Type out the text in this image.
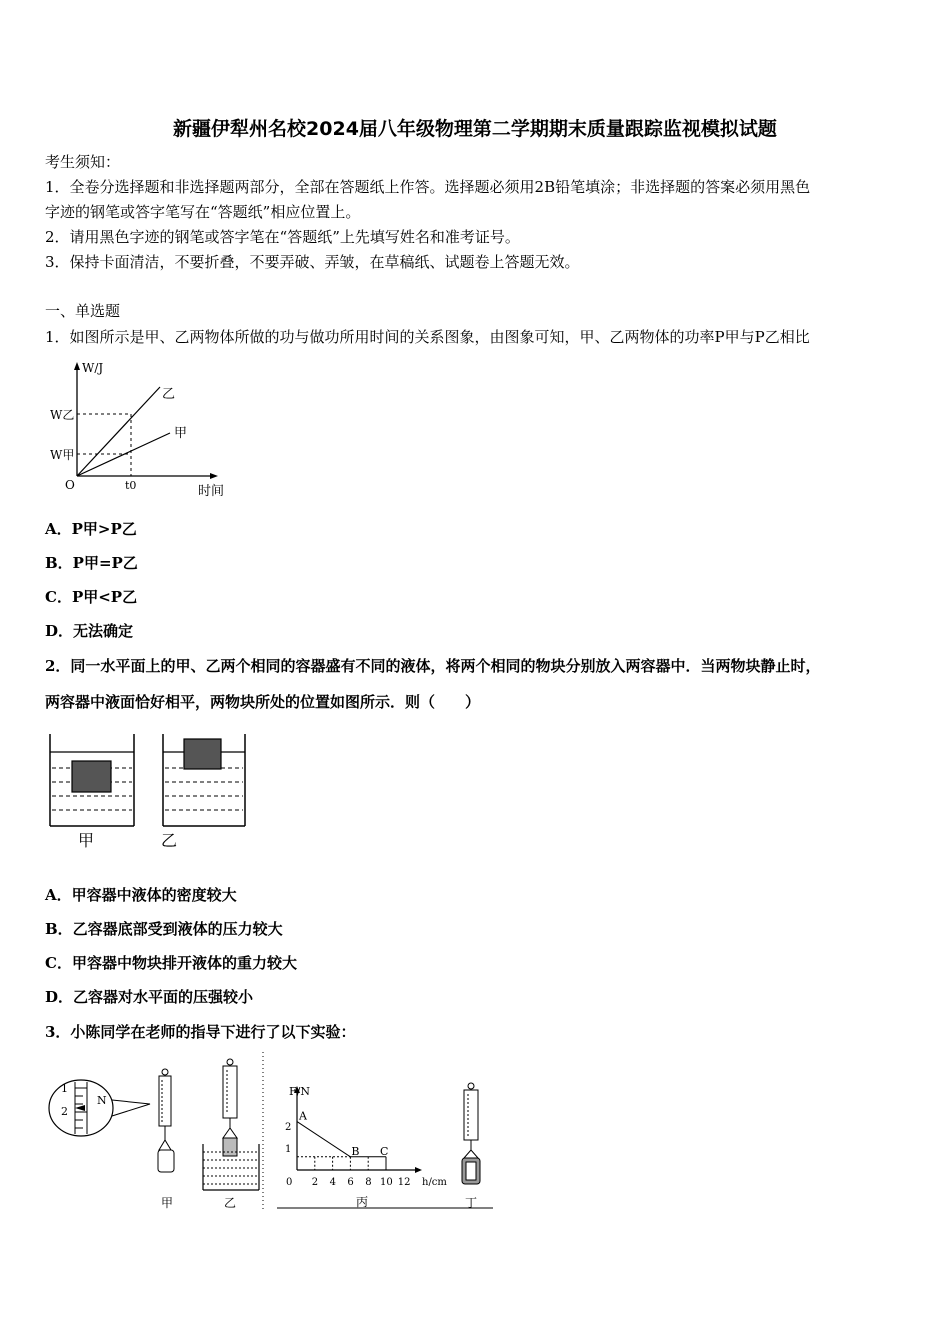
新疆伊犁州名校2024届八年级物理第二学期期末质量跟踪监视模拟试题
考生须知：
1．全卷分选择题和非选择题两部分，全部在答题纸上作答。选择题必须用2B铅笔填涂；非选择题的答案必须用黑色
字迹的钢笔或答字笔写在“答题纸”相应位置上。
2．请用黑色字迹的钢笔或答字笔在“答题纸”上先填写姓名和准考证号。
3．保持卡面清洁，不要折叠，不要弄破、弄皱，在草稿纸、试题卷上答题无效。
一、单选题
1．如图所示是甲、乙两物体所做的功与做功所用时间的关系图象，由图象可知，甲、乙两物体的功率P甲与P乙相比
W/J
乙
甲
W乙
W甲
O	t0	时间
A．P甲>P乙
B．P甲=P乙
C．P甲<P乙
D．无法确定
2．同一水平面上的甲、乙两个相同的容器盛有不同的液体，将两个相同的物块分别放入两容器中．当两物块静止时，
两容器中液面恰好相平，两物块所处的位置如图所示．则（　　）
甲	乙
A．甲容器中液体的密度较大
B．乙容器底部受到液体的压力较大
C．甲容器中物块排开液体的重力较大
D．乙容器对水平面的压强较小
3．小陈同学在老师的指导下进行了以下实验：
1
2
N
甲	乙
F/N
h/cm
0 2 4 6 8 10 12
1
2
A
B C
丙	丁
